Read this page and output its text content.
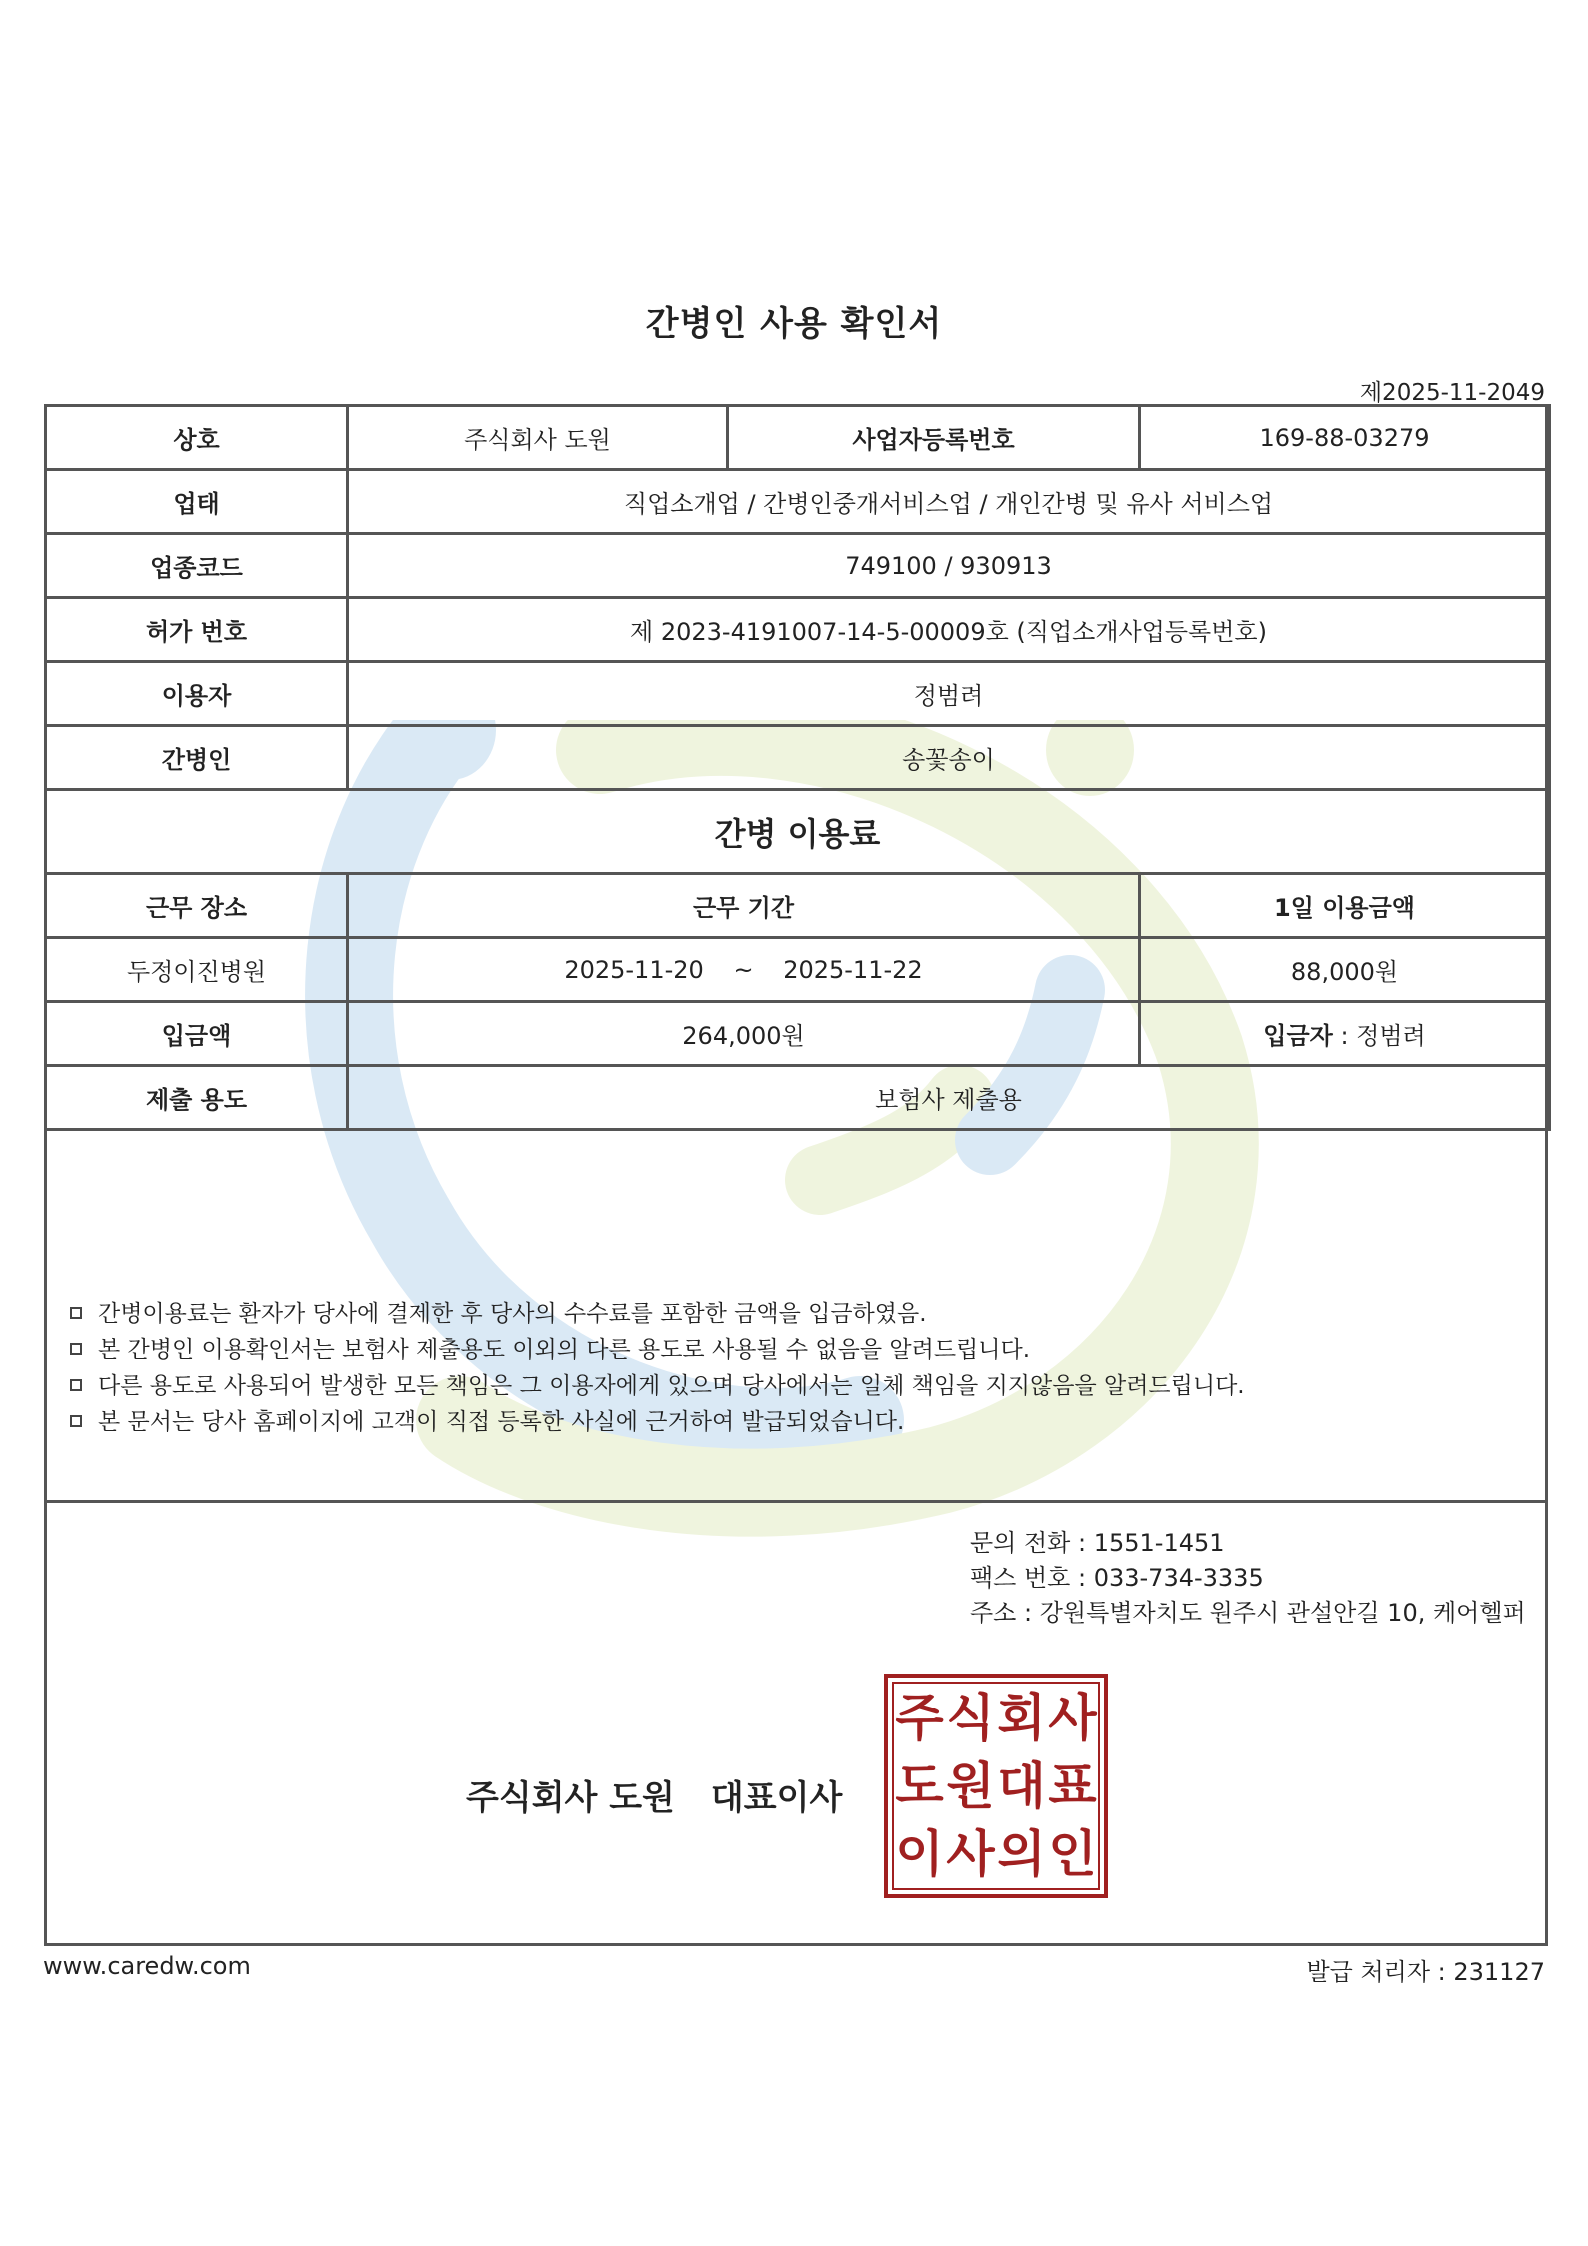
간병인 사용 확인서
제2025-11-2049
상호	주식회사 도원	사업자등록번호	169-88-03279
업태	직업소개업 / 간병인중개서비스업 / 개인간병 및 유사 서비스업		
업종코드	749100 / 930913		
허가 번호	제 2023-4191007-14-5-00009호 (직업소개사업등록번호)		
이용자	정범려		
간병인	송꽃송이		
간병 이용료			
근무 장소	근무 기간		1일 이용금액
두정이진병원	2025-11-20 ~ 2025-11-22		88,000원
입금액	264,000원		입금자 : 정범려
제출 용도	보험사 제출용		
간병이용료는 환자가 당사에 결제한 후 당사의 수수료를 포함한 금액을 입금하였음.
본 간병인 이용확인서는 보험사 제출용도 이외의 다른 용도로 사용될 수 없음을 알려드립니다.
다른 용도로 사용되어 발생한 모든 책임은 그 이용자에게 있으며 당사에서는 일체 책임을 지지않음을 알려드립니다.
본 문서는 당사 홈페이지에 고객이 직접 등록한 사실에 근거하여 발급되었습니다.
문의 전화 : 1551-1451
팩스 번호 : 033-734-3335
주소 : 강원특별자치도 원주시 관설안길 10, 케어헬퍼
주식회사 도원 대표이사
주 식 회 사
도 원 대 표
이 사 의 인
www.caredw.com	발급 처리자 : 231127
